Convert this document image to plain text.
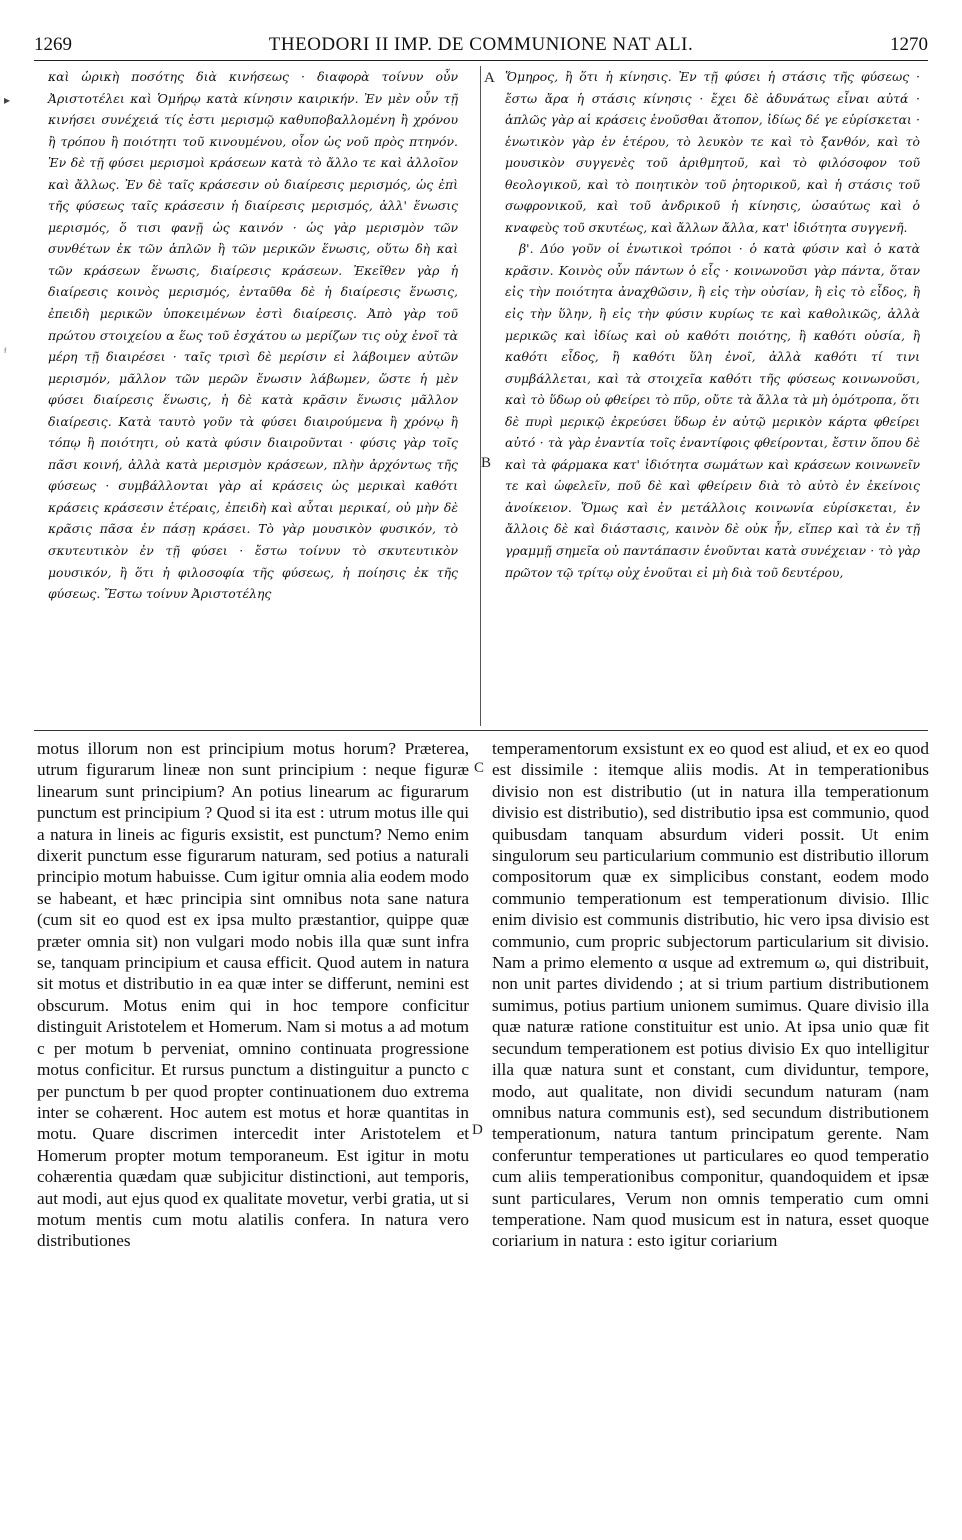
1269	THEODORI II IMP. DE COMMUNIONE NAT ALI.	1270

καὶ ὡρικὴ ποσότης διὰ κινήσεως · διαφορὰ τοίνυν οὖν Ἀριστοτέλει καὶ Ὁμήρῳ κατὰ κίνησιν καιρικήν. Ἐν μὲν οὖν τῇ κινήσει συνέχειά τίς ἐστι μερισμῷ καθυποβαλλομένη ἢ χρόνου ἢ τρόπου ἢ ποιότητι τοῦ κινουμένου, οἷον ὡς νοῦ πρὸς πτηνόν. Ἐν δὲ τῇ φύσει μερισμοὶ κράσεων κατὰ τὸ ἄλλο τε καὶ ἀλλοῖον καὶ ἄλλως. Ἐν δὲ ταῖς κράσεσιν οὐ διαίρεσις μερισμός, ὡς ἐπὶ τῆς φύσεως ταῖς κράσεσιν ἡ διαίρεσις μερισμός, ἀλλ' ἕνωσις μερισμός, ὅ τισι φανῇ ὡς καινόν · ὡς γὰρ μερισμὸν τῶν συνθέτων ἐκ τῶν ἁπλῶν ἢ τῶν μερικῶν ἕνωσις, οὕτω δὴ καὶ τῶν κράσεων ἕνωσις, διαίρεσις κράσεων. Ἐκεῖθεν γὰρ ἡ διαίρεσις κοινὸς μερισμός, ἐνταῦθα δὲ ἡ διαίρεσις ἕνωσις, ἐπειδὴ μερικῶν ὑποκειμένων ἐστὶ διαίρεσις. Ἀπὸ γὰρ τοῦ πρώτου στοιχείου α ἕως τοῦ ἐσχάτου ω μερίζων τις οὐχ ἑνοῖ τὰ μέρη τῇ διαιρέσει · ταῖς τρισὶ δὲ μερίσιν εἰ λάβοιμεν αὐτῶν μερισμόν, μᾶλλον τῶν μερῶν ἕνωσιν λάβωμεν, ὥστε ἡ μὲν φύσει διαίρεσις ἕνωσις, ἡ δὲ κατὰ κρᾶσιν ἕνωσις μᾶλλον διαίρεσις. Κατὰ ταυτὸ γοῦν τὰ φύσει διαιρούμενα ἢ χρόνῳ ἢ τόπῳ ἢ ποιότητι, οὐ κατὰ φύσιν διαιροῦνται · φύσις γὰρ τοῖς πᾶσι κοινή, ἀλλὰ κατὰ μερισμὸν κράσεων, πλὴν ἀρχόντως τῆς φύσεως · συμβάλλονται γὰρ αἱ κράσεις ὡς μερικαὶ καθότι κράσεις κράσεσιν ἑτέραις, ἐπειδὴ καὶ αὗται μερικαί, οὐ μὴν δὲ κρᾶσις πᾶσα ἐν πάσῃ κράσει. Τὸ γὰρ μουσικὸν φυσικόν, τὸ σκυτευτικὸν ἐν τῇ φύσει · ἔστω τοίνυν τὸ σκυτευτικὸν μουσικόν, ἢ ὅτι ἡ φιλοσοφία τῆς φύσεως, ἡ ποίησις ἐκ τῆς φύσεως. Ἔστω τοίνυν Ἀριστοτέλης

Ὅμηρος, ἢ ὅτι ἡ κίνησις. Ἐν τῇ φύσει ἡ στάσις τῆς φύσεως · ἔστω ἄρα ἡ στάσις κίνησις · ἔχει δὲ ἀδυνάτως εἶναι αὐτά · ἁπλῶς γὰρ αἱ κράσεις ἑνοῦσθαι ἄτοπον, ἰδίως δέ γε εὑρίσκεται · ἑνωτικὸν γὰρ ἐν ἑτέρου, τὸ λευκὸν τε καὶ τὸ ξανθόν, καὶ τὸ μουσικὸν συγγενὲς τοῦ ἀριθμητοῦ, καὶ τὸ φιλόσοφον τοῦ θεολογικοῦ, καὶ τὸ ποιητικὸν τοῦ ῥητορικοῦ, καὶ ἡ στάσις τοῦ σωφρονικοῦ, καὶ τοῦ ἀνδρικοῦ ἡ κίνησις, ὡσαύτως καὶ ὁ κναφεὺς τοῦ σκυτέως, καὶ ἄλλων ἄλλα, κατ' ἰδιότητα συγγενῆ.

β'. Δύο γοῦν οἱ ἑνωτικοὶ τρόποι · ὁ κατὰ φύσιν καὶ ὁ κατὰ κρᾶσιν. Κοινὸς οὖν πάντων ὁ εἷς · κοινωνοῦσι γὰρ πάντα, ὅταν εἰς τὴν ποιότητα ἀναχθῶσιν, ἢ εἰς τὴν οὐσίαν, ἢ εἰς τὸ εἶδος, ἢ εἰς τὴν ὕλην, ἢ εἰς τὴν φύσιν κυρίως τε καὶ καθολικῶς, ἀλλὰ μερικῶς καὶ ἰδίως καὶ οὐ καθότι ποιότης, ἢ καθότι οὐσία, ἢ καθότι εἶδος, ἢ καθότι ὕλη ἐνοῖ, ἀλλὰ καθότι τί τινι συμβάλλεται, καὶ τὰ στοιχεῖα καθότι τῆς φύσεως κοινωνοῦσι, καὶ τὸ ὕδωρ οὐ φθείρει τὸ πῦρ, οὔτε τὰ ἄλλα τὰ μὴ ὁμότροπα, ὅτι δὲ πυρὶ μερικῷ ἐκρεύσει ὕδωρ ἐν αὐτῷ μερικὸν κάρτα φθείρει αὐτό · τὰ γὰρ ἐναντία τοῖς ἐναντίφοις φθείρονται, ἔστιν ὅπου δὲ καὶ τὰ φάρμακα κατ' ἰδιότητα σωμάτων καὶ κράσεων κοινωνεῖν τε καὶ ὠφελεῖν, ποῦ δὲ καὶ φθείρειν διὰ τὸ αὐτὸ ἐν ἐκείνοις ἀνοίκειον. Ὅμως καὶ ἐν μετάλλοις κοινωνία εὑρίσκεται, ἐν ἄλλοις δὲ καὶ διάστασις, καινὸν δὲ οὐκ ἦν, εἴπερ καὶ τὰ ἐν τῇ γραμμῇ σημεῖα οὐ παντάπασιν ἑνοῦνται κατὰ συνέχειαν · τὸ γὰρ πρῶτον τῷ τρίτῳ οὐχ ἑνοῦται εἰ μὴ διὰ τοῦ δευτέρου,

motus illorum non est principium motus horum? Præterea, utrum figurarum lineæ non sunt principium : neque figuræ linearum sunt principium? An potius linearum ac figurarum punctum est principium ? Quod si ita est : utrum motus ille qui a natura in lineis ac figuris exsistit, est punctum? Nemo enim dixerit punctum esse figurarum naturam, sed potius a naturali principio motum habuisse. Cum igitur omnia alia eodem modo se habeant, et hæc principia sint omnibus nota sane natura (cum sit eo quod est ex ipsa multo præstantior, quippe quæ præter omnia sit) non vulgari modo nobis illa quæ sunt infra se, tanquam principium et causa efficit. Quod autem in natura sit motus et distributio in ea quæ inter se differunt, nemini est obscurum. Motus enim qui in hoc tempore conficitur distinguit Aristotelem et Homerum. Nam si motus a ad motum c per motum b perveniat, omnino continuata progressione motus conficitur. Et rursus punctum a distinguitur a puncto c per punctum b per quod propter continuationem duo extrema inter se cohærent. Hoc autem est motus et horæ quantitas in motu. Quare discrimen intercedit inter Aristotelem et Homerum propter motum temporaneum. Est igitur in motu cohærentia quædam quæ subjicitur distinctioni, aut temporis, aut modi, aut ejus quod ex qualitate movetur, verbi gratia, ut si motum mentis cum motu alatilis confera. In natura vero distributiones

temperamentorum exsistunt ex eo quod est aliud, et ex eo quod est dissimile : itemque aliis modis. At in temperationibus divisio non est distributio (ut in natura illa temperationum divisio est distributio), sed distributio ipsa est communio, quod quibusdam tanquam absurdum videri possit. Ut enim singulorum seu particularium communio est distributio illorum compositorum quæ ex simplicibus constant, eodem modo communio temperationum est temperationum divisio. Illic enim divisio est communis distributio, hic vero ipsa divisio est communio, cum propric subjectorum particularium sit divisio. Nam a primo elemento α usque ad extremum ω, qui distribuit, non unit partes dividendo ; at si trium partium distributionem sumimus, potius partium unionem sumimus. Quare divisio illa quæ naturæ ratione constituitur est unio. At ipsa unio quæ fit secundum temperationem est potius divisio Ex quo intelligitur illa quæ natura sunt et constant, cum dividuntur, tempore, modo, aut qualitate, non dividi secundum naturam (nam omnibus natura communis est), sed secundum distributionem temperationum, natura tantum principatum gerente. Nam conferuntur temperationes ut particulares eo quod temperatio cum aliis temperationibus componitur, quandoquidem et ipsæ sunt particulares, Verum non omnis temperatio cum omni temperatione. Nam quod musicum est in natura, esset quoque coriarium in natura : esto igitur coriarium

A
B
C
D
▸
ᶠ
